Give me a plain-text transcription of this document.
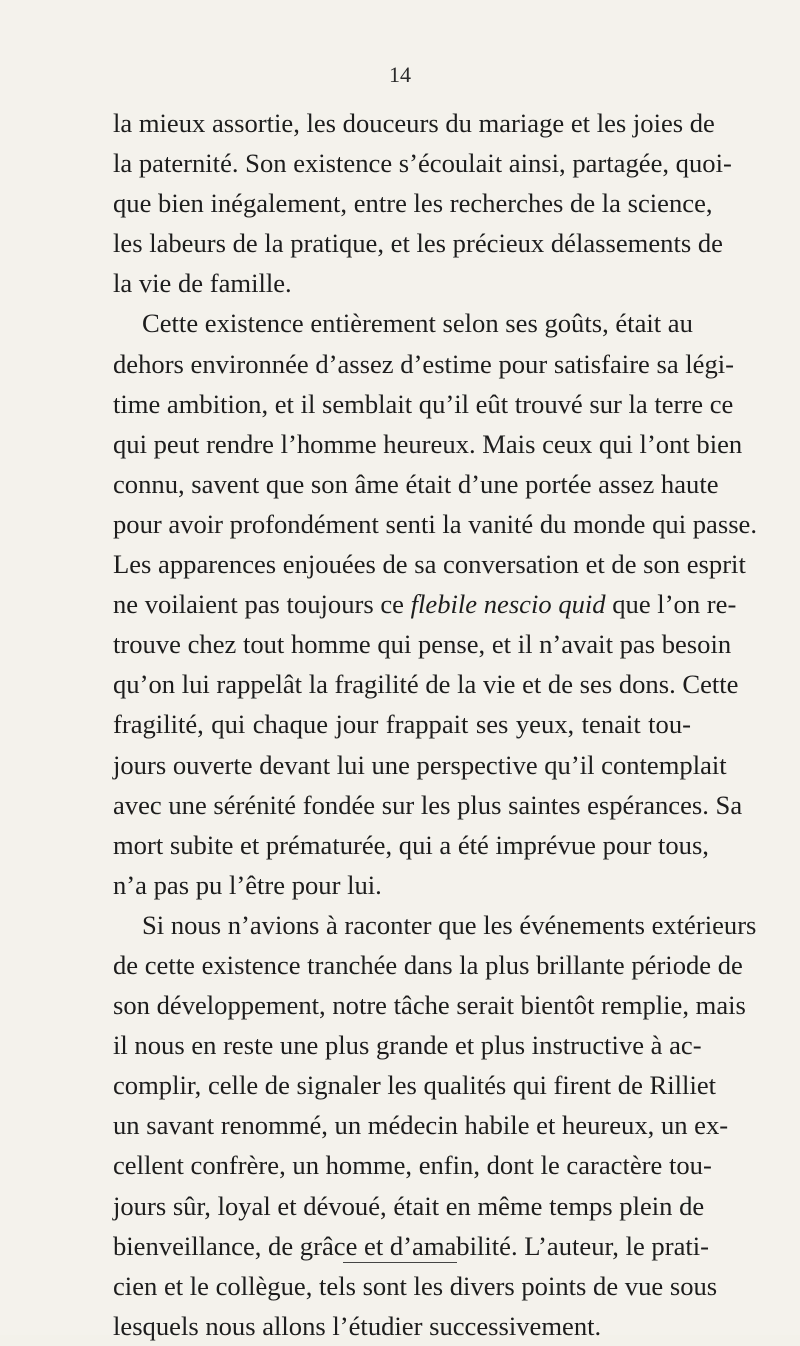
14
la mieux assortie, les douceurs du mariage et les joies de
la paternité. Son existence s’écoulait ainsi, partagée, quoi-
que bien inégalement, entre les recherches de la science,
les labeurs de la pratique, et les précieux délassements de
la vie de famille.
Cette existence entièrement selon ses goûts, était au
dehors environnée d’assez d’estime pour satisfaire sa légi-
time ambition, et il semblait qu’il eût trouvé sur la terre ce
qui peut rendre l’homme heureux. Mais ceux qui l’ont bien
connu, savent que son âme était d’une portée assez haute
pour avoir profondément senti la vanité du monde qui passe.
Les apparences enjouées de sa conversation et de son esprit
ne voilaient pas toujours ce flebile nescio quid que l’on re-
trouve chez tout homme qui pense, et il n’avait pas besoin
qu’on lui rappelât la fragilité de la vie et de ses dons. Cette
fragilité, qui chaque jour frappait ses yeux, tenait tou-
jours ouverte devant lui une perspective qu’il contemplait
avec une sérénité fondée sur les plus saintes espérances. Sa
mort subite et prématurée, qui a été imprévue pour tous,
n’a pas pu l’être pour lui.
Si nous n’avions à raconter que les événements extérieurs
de cette existence tranchée dans la plus brillante période de
son développement, notre tâche serait bientôt remplie, mais
il nous en reste une plus grande et plus instructive à ac-
complir, celle de signaler les qualités qui firent de Rilliet
un savant renommé, un médecin habile et heureux, un ex-
cellent confrère, un homme, enfin, dont le caractère tou-
jours sûr, loyal et dévoué, était en même temps plein de
bienveillance, de grâce et d’amabilité. L’auteur, le prati-
cien et le collègue, tels sont les divers points de vue sous
lesquels nous allons l’étudier successivement.
